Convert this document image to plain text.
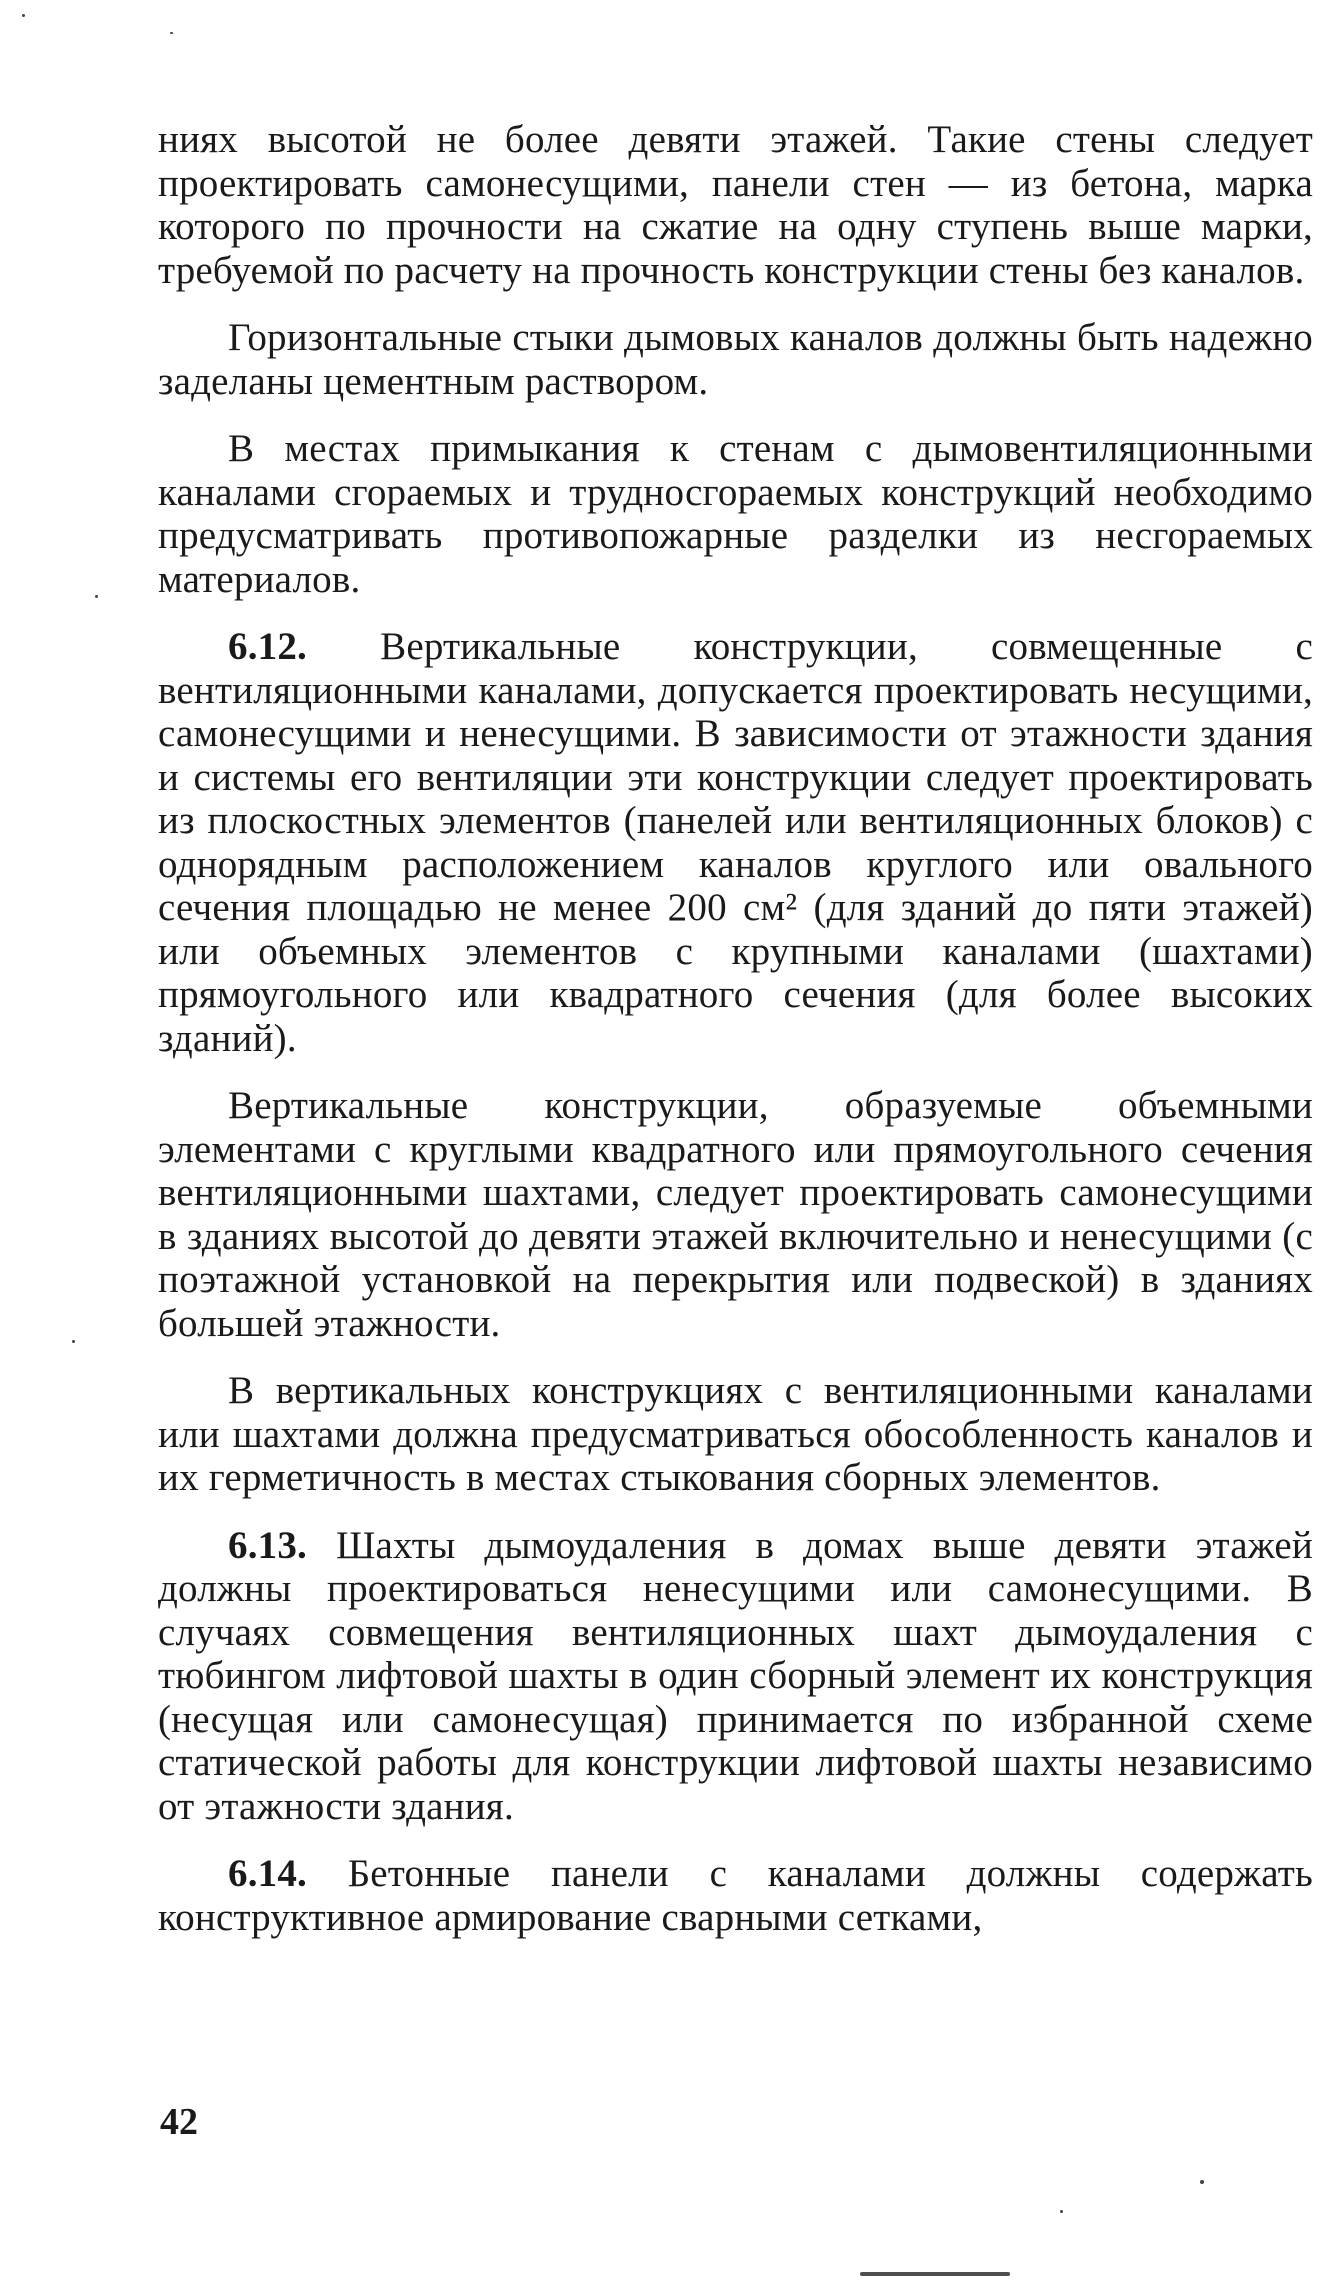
ниях высотой не более девяти этажей. Такие стены следует проектировать самонесущими, панели стен — из бетона, марка которого по прочности на сжатие на одну ступень выше марки, требуемой по расчету на прочность конструкции стены без каналов.

Горизонтальные стыки дымовых каналов должны быть надежно заделаны цементным раствором.

В местах примыкания к стенам с дымовентиляционными каналами сгораемых и трудносгораемых конструкций необходимо предусматривать противопожарные разделки из несгораемых материалов.

6.12. Вертикальные конструкции, совмещенные с вентиляционными каналами, допускается проектировать несущими, самонесущими и ненесущими. В зависимости от этажности здания и системы его вентиляции эти конструкции следует проектировать из плоскостных элементов (панелей или вентиляционных блоков) с однорядным расположением каналов круглого или овального сечения площадью не менее 200 см² (для зданий до пяти этажей) или объемных элементов с крупными каналами (шахтами) прямоугольного или квадратного сечения (для более высоких зданий).

Вертикальные конструкции, образуемые объемными элементами с круглыми квадратного или прямоугольного сечения вентиляционными шахтами, следует проектировать самонесущими в зданиях высотой до девяти этажей включительно и ненесущими (с поэтажной установкой на перекрытия или подвеской) в зданиях большей этажности.

В вертикальных конструкциях с вентиляционными каналами или шахтами должна предусматриваться обособленность каналов и их герметичность в местах стыкования сборных элементов.

6.13. Шахты дымоудаления в домах выше девяти этажей должны проектироваться ненесущими или самонесущими. В случаях совмещения вентиляционных шахт дымоудаления с тюбингом лифтовой шахты в один сборный элемент их конструкция (несущая или самонесущая) принимается по избранной схеме статической работы для конструкции лифтовой шахты независимо от этажности здания.

6.14. Бетонные панели с каналами должны содержать конструктивное армирование сварными сетками,

42
